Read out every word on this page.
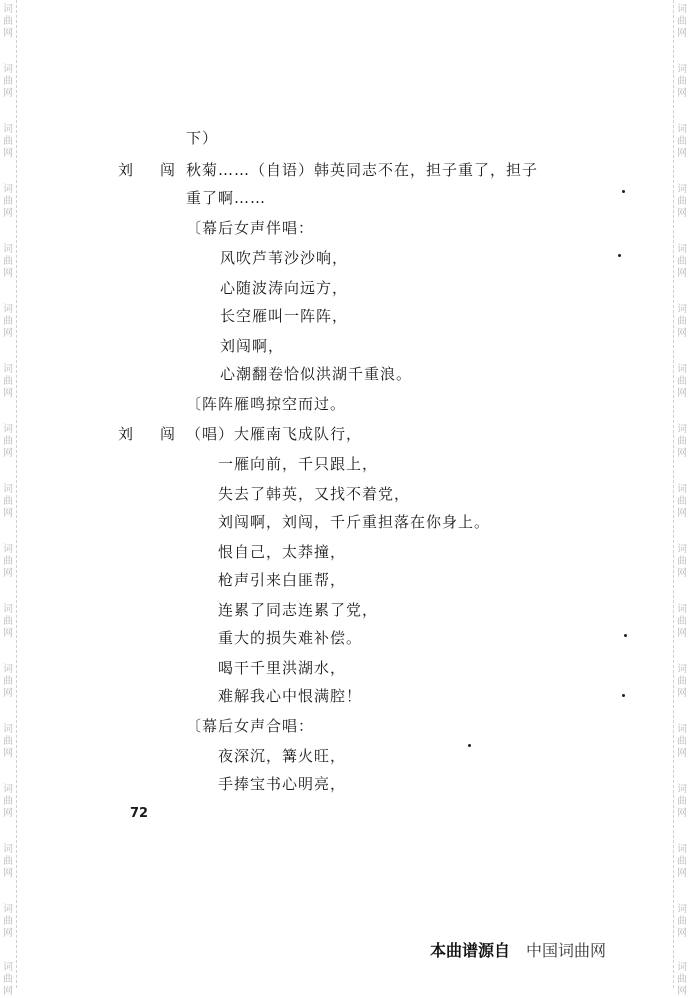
词曲网
词曲网
词曲网
词曲网
词曲网
词曲网
词曲网
词曲网
词曲网
词曲网
词曲网
词曲网
词曲网
词曲网
词曲网
词曲网
词曲网
词曲网
词曲网
词曲网
词曲网
词曲网
词曲网
词曲网
词曲网
词曲网
词曲网
词曲网
词曲网
词曲网
词曲网
词曲网
词曲网
词曲网
下）
刘　闯 秋菊……（自语）韩英同志不在，担子重了，担子
重了啊……
〔幕后女声伴唱：
风吹芦苇沙沙响，
心随波涛向远方，
长空雁叫一阵阵，
刘闯啊，
心潮翻卷恰似洪湖千重浪。
〔阵阵雁鸣掠空而过。
刘　闯 （唱）大雁南飞成队行，
一雁向前，千只跟上，
失去了韩英，又找不着党，
刘闯啊，刘闯，千斤重担落在你身上。
恨自己，太莽撞，
枪声引来白匪帮，
连累了同志连累了党，
重大的损失难补偿。
喝干千里洪湖水，
难解我心中恨满腔！
〔幕后女声合唱：
夜深沉，篝火旺，
手捧宝书心明亮，
72
本曲谱源自 中国词曲网
